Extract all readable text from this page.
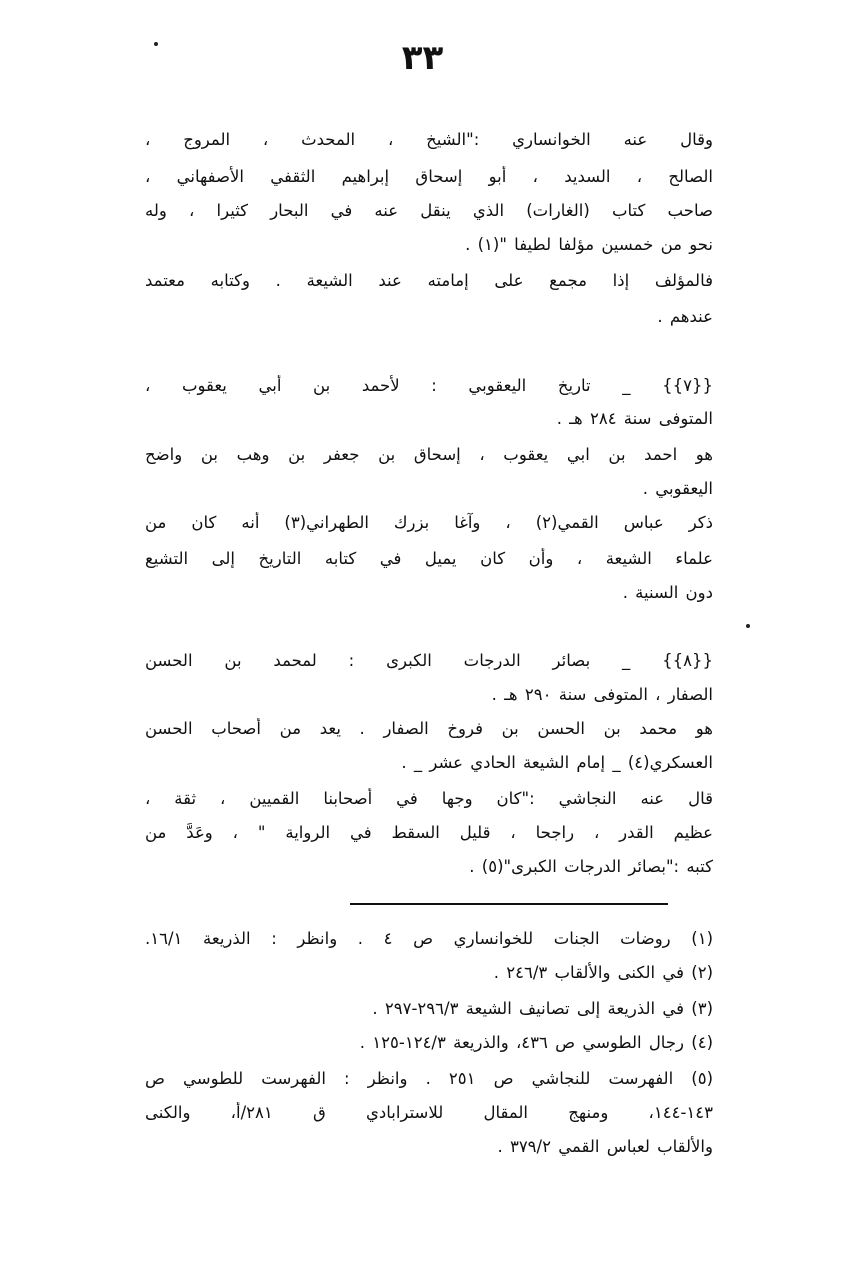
٣٣
وقال عنه الخوانساري :"الشيخ ، المحدث ، المروج ،
الصالح ، السديد ، أبو إسحاق إبراهيم الثقفي الأصفهاني ،
صاحب كتاب (الغارات) الذي ينقل عنه في البحار كثيرا ، وله
نحو من خمسين مؤلفا لطيفا "(١) .
فالمؤلف إذا مجمع على إمامته عند الشيعة . وكتابه معتمد
عندهم .
{{٧}} _ تاريخ اليعقوبي : لأحمد بن أبي يعقوب ،
المتوفى سنة ٢٨٤ هـ .
هو احمد بن ابي يعقوب ، إسحاق بن جعفر بن وهب بن واضح
اليعقوبي .
ذكر عباس القمي(٢) ، وآغا بزرك الطهراني(٣) أنه كان من
علماء الشيعة ، وأن كان يميل في كتابه التاريخ إلى التشيع
دون السنية .
{{٨}} _ بصائر الدرجات الكبرى : لمحمد بن الحسن
الصفار ، المتوفى سنة ٢٩٠ هـ .
هو محمد بن الحسن بن فروخ الصفار . يعد من أصحاب الحسن
العسكري(٤) _ إمام الشيعة الحادي عشر _ .
قال عنه النجاشي :"كان وجها في أصحابنا القميين ، ثقة ،
عظيم القدر ، راجحا ، قليل السقط في الرواية " ، وعَدَّ من
كتبه :"بصائر الدرجات الكبرى"(٥) .
(١) روضات الجنات للخوانساري ص ٤ . وانظر : الذريعة ١٦/١.
(٢) في الكنى والألقاب ٢٤٦/٣ .
(٣) في الذريعة إلى تصانيف الشيعة ٢٩٦/٣-٢٩٧ .
(٤) رجال الطوسي ص ٤٣٦، والذريعة ١٢٤/٣-١٢٥ .
(٥) الفهرست للنجاشي ص ٢٥١ . وانظر : الفهرست للطوسي ص
١٤٣-١٤٤، ومنهج المقال للاسترابادي ق ٢٨١/أ، والكنى
والألقاب لعباس القمي ٣٧٩/٢ .
